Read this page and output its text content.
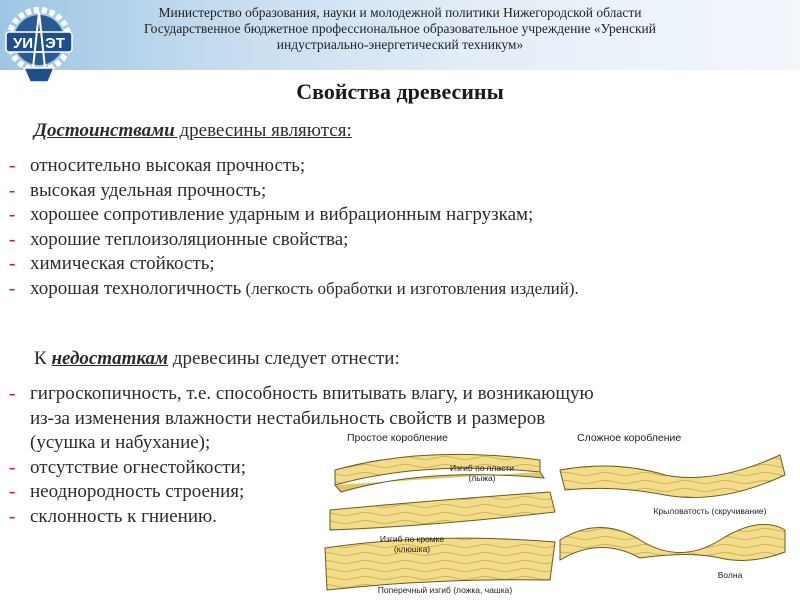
УИ ЭТ
Министерство образования, науки и молодежной политики Нижегородской области
Государственное бюджетное профессиональное образовательное учреждение «Уренский
индустриально-энергетический техникум»
Свойства древесины
Достоинствами древесины являются:
- относительно высокая прочность;
- высокая удельная прочность;
- хорошее сопротивление ударным и вибрационным нагрузкам;
- хорошие теплоизоляционные свойства;
- химическая стойкость;
- хорошая технологичность (легкость обработки и изготовления изделий).
К недостаткам древесины следует отнести:
- гигроскопичность, т.е. способность впитывать влагу, и возникающую
из-за изменения влажности нестабильность свойств и размеров
(усушка и набухание);
- отсутствие огнестойкости;
- неоднородность строения;
- склонность к гниению.
Простое коробление	Сложное коробление
Изгиб по пласти
(лыжа)
Изгиб по кромке
(клюшка)
Поперечный изгиб (ложка, чашка)
Крыловатость (скручивание)
Волна
